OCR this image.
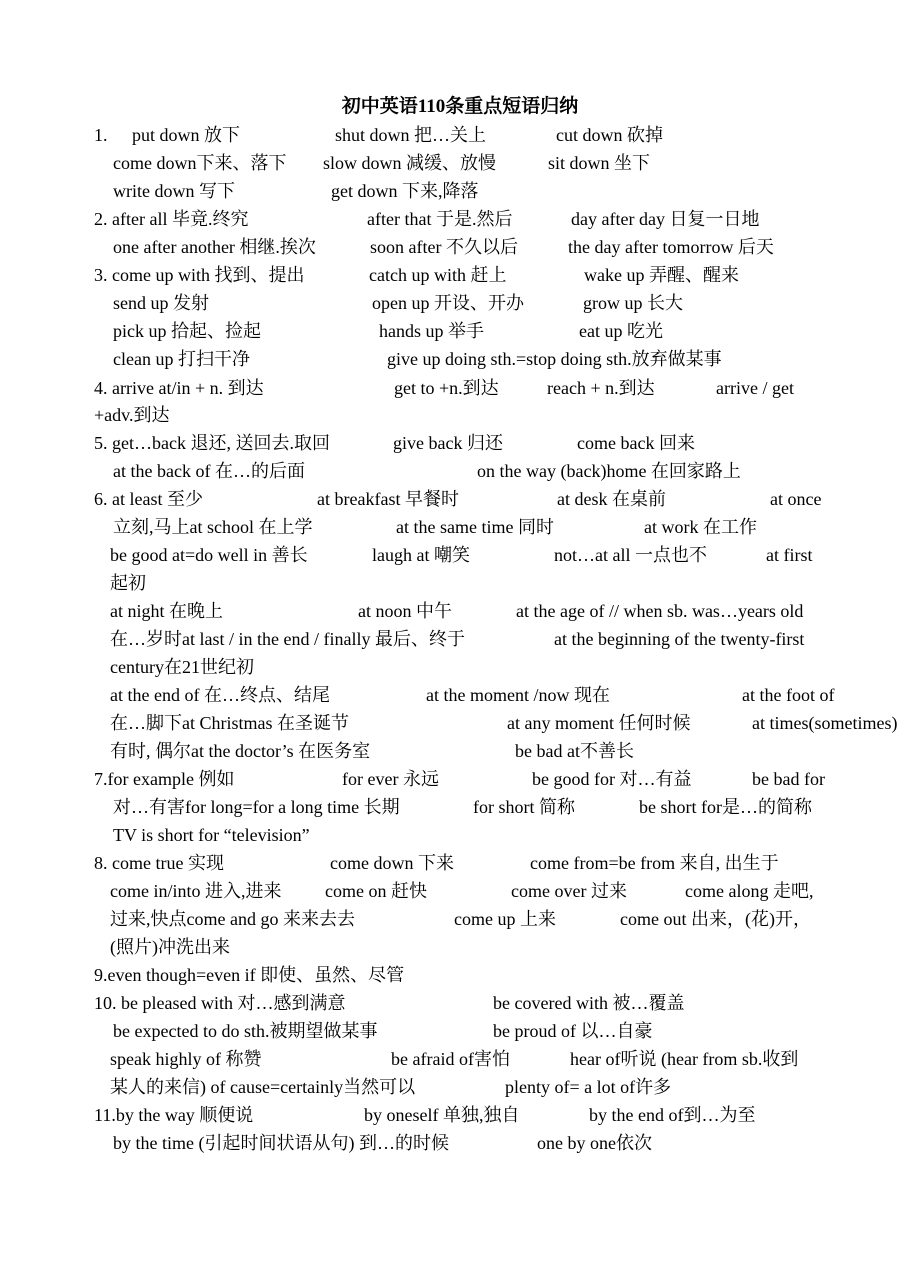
初中英语110条重点短语归纳
1. put down 放下	shut down 把…关上	cut down 砍掉
come down下来、落下 slow down 减缓、放慢	sit down 坐下
write down 写下	get down 下来,降落
2. after all 毕竟.终究	after that 于是.然后	day after day 日复一日地
one after another 相继.挨次	soon after 不久以后	the day after tomorrow 后天
3. come up with 找到、提出	catch up with 赶上	wake up 弄醒、醒来
send up 发射	open up 开设、开办	grow up 长大
pick up 拾起、捡起	hands up 举手	eat up 吃光
clean up 打扫干净	give up doing sth.=stop doing sth.放弃做某事
4. arrive at/in + n. 到达	get to +n.到达	reach + n.到达	arrive / get
+adv.到达
5. get…back 退还, 送回去.取回	give back 归还	come back 回来
at the back of 在…的后面	on the way (back)home 在回家路上
6. at least 至少	at breakfast 早餐时	at desk 在桌前	at once
立刻,马上at school 在上学	at the same time 同时	at work 在工作
be good at=do well in 善长	laugh at 嘲笑	not…at all 一点也不	at first
起初
at night 在晚上	at noon 中午	at the age of // when sb. was…years old
在…岁时at last / in the end / finally 最后、终于	at the beginning of the twenty-first
century在21世纪初
at the end of 在…终点、结尾	at the moment /now 现在	at the foot of
在…脚下at Christmas 在圣诞节	at any moment 任何时候	at times(sometimes)
有时, 偶尔at the doctor’s 在医务室	be bad at不善长
7.for example 例如	for ever 永远	be good for 对…有益	be bad for
对…有害for long=for a long time 长期	for short 简称	be short for是…的简称
TV is short for “television”
8. come true 实现	come down 下来	come from=be from 来自, 出生于
come in/into 进入,进来 come on 赶快	come over 过来	come along 走吧,
过来,快点come and go 来来去去	come up 上来	come out 出来，(花)开，
(照片)冲洗出来
9.even though=even if 即使、虽然、尽管
10. be pleased with 对…感到满意	be covered with 被…覆盖
be expected to do sth.被期望做某事	be proud of 以…自豪
speak highly of 称赞	be afraid of害怕	hear of听说 (hear from sb.收到
某人的来信) of cause=certainly当然可以	plenty of= a lot of许多
11.by the way 顺便说	by oneself 单独,独自	by the end of到…为至
by the time (引起时间状语从句) 到…的时候	one by one依次
